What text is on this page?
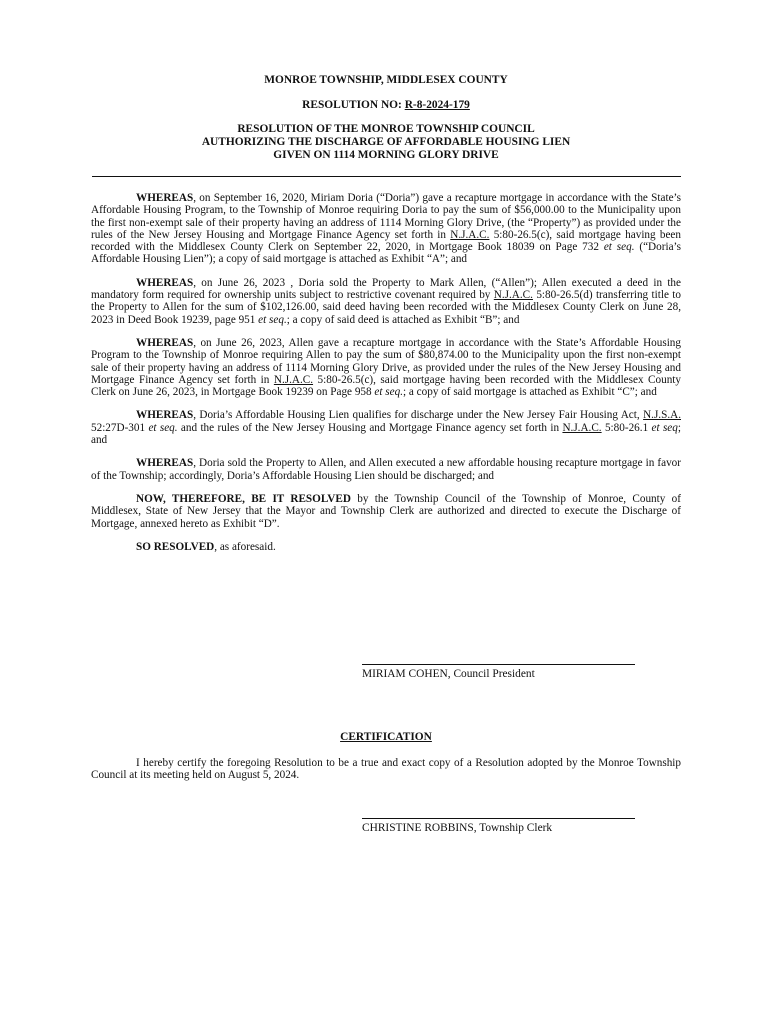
MONROE TOWNSHIP, MIDDLESEX COUNTY
RESOLUTION NO: R-8-2024-179
RESOLUTION OF THE MONROE TOWNSHIP COUNCIL
AUTHORIZING THE DISCHARGE OF AFFORDABLE HOUSING LIEN
GIVEN ON 1114 MORNING GLORY DRIVE

WHEREAS, on September 16, 2020, Miriam Doria (“Doria”) gave a recapture mortgage in accordance with the State’s Affordable Housing Program, to the Township of Monroe requiring Doria to pay the sum of $56,000.00 to the Municipality upon the first non-exempt sale of their property having an address of 1114 Morning Glory Drive, (the “Property”) as provided under the rules of the New Jersey Housing and Mortgage Finance Agency set forth in N.J.A.C. 5:80-26.5(c), said mortgage having been recorded with the Middlesex County Clerk on September 22, 2020, in Mortgage Book 18039 on Page 732 et seq. (“Doria’s Affordable Housing Lien”); a copy of said mortgage is attached as Exhibit “A”; and

WHEREAS, on June 26, 2023 , Doria sold the Property to Mark Allen, (“Allen”); Allen executed a deed in the mandatory form required for ownership units subject to restrictive covenant required by N.J.A.C. 5:80-26.5(d) transferring title to the Property to Allen for the sum of $102,126.00, said deed having been recorded with the Middlesex County Clerk on June 28, 2023 in Deed Book 19239, page 951 et seq.; a copy of said deed is attached as Exhibit “B”; and

WHEREAS, on June 26, 2023, Allen gave a recapture mortgage in accordance with the State’s Affordable Housing Program to the Township of Monroe requiring Allen to pay the sum of $80,874.00 to the Municipality upon the first non-exempt sale of their property having an address of 1114 Morning Glory Drive, as provided under the rules of the New Jersey Housing and Mortgage Finance Agency set forth in N.J.A.C. 5:80-26.5(c), said mortgage having been recorded with the Middlesex County Clerk on June 26, 2023, in Mortgage Book 19239 on Page 958 et seq.; a copy of said mortgage is attached as Exhibit “C”; and

WHEREAS, Doria’s Affordable Housing Lien qualifies for discharge under the New Jersey Fair Housing Act, N.J.S.A. 52:27D-301 et seq. and the rules of the New Jersey Housing and Mortgage Finance agency set forth in N.J.A.C. 5:80-26.1 et seq; and

WHEREAS, Doria sold the Property to Allen, and Allen executed a new affordable housing recapture mortgage in favor of the Township; accordingly, Doria’s Affordable Housing Lien should be discharged; and

NOW, THEREFORE, BE IT RESOLVED by the Township Council of the Township of Monroe, County of Middlesex, State of New Jersey that the Mayor and Township Clerk are authorized and directed to execute the Discharge of Mortgage, annexed hereto as Exhibit “D”.

SO RESOLVED, as aforesaid.

MIRIAM COHEN, Council President
CERTIFICATION

I hereby certify the foregoing Resolution to be a true and exact copy of a Resolution adopted by the Monroe Township Council at its meeting held on August 5, 2024.

CHRISTINE ROBBINS, Township Clerk
